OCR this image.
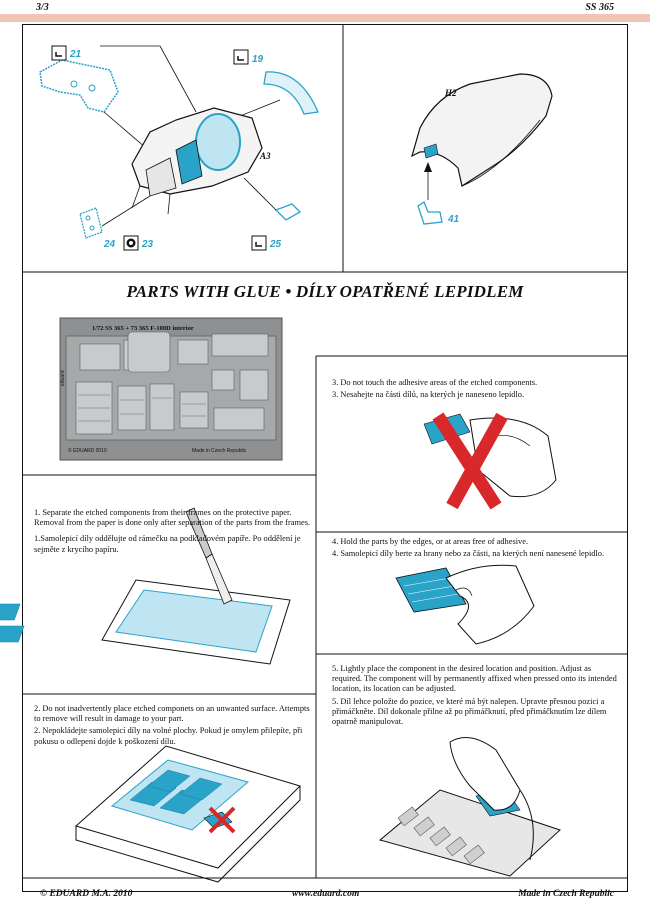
3/3	SS 365
21	19
24	23	25
A3
H2
41
1/72 SS 365 + 73 365 F-100D interior
eduard
© EDUARD 2010	Made in Czech Republic
PARTS WITH GLUE • DÍLY OPATŘENÉ LEPIDLEM

1. Separate the etched components from their frames on the protective paper. Removal from the paper is done only after separation of the parts from the frames.

1.Samolepicí díly oddělujte od rámečku na podkladovém papíře. Po oddělení je sejměte z krycího papíru.

2. Do not inadvertently place etched componets on an unwanted surface. Attempts to remove will result in damage to your part.

2. Nepokládejte samolepicí díly na volné plochy. Pokud je omylem přilepíte, při pokusu o odlepení dojde k poškození dílu.

3. Do not touch the adhesive areas of the etched components.

3. Nesahejte na části dílů, na kterých je naneseno lepidlo.

4. Hold the parts by the edges, or at areas free of adhesive.

4. Samolepicí díly berte za hrany nebo za části, na kterých není nanesené lepidlo.

5. Lightly place the component in the desired location and position. Adjust as required. The component will by permanently affixed when pressed onto its intended location, its location can be adjusted.

5. Díl lehce položte do pozice, ve které má být nalepen. Upravte přesnou pozici a přimáčkněte. Díl dokonale přilne až po přimáčknutí, před přimáčknutím lze dílem opatrně manipulovat.

© EDUARD M.A. 2010	www.eduard.com	Made in Czech Republic
